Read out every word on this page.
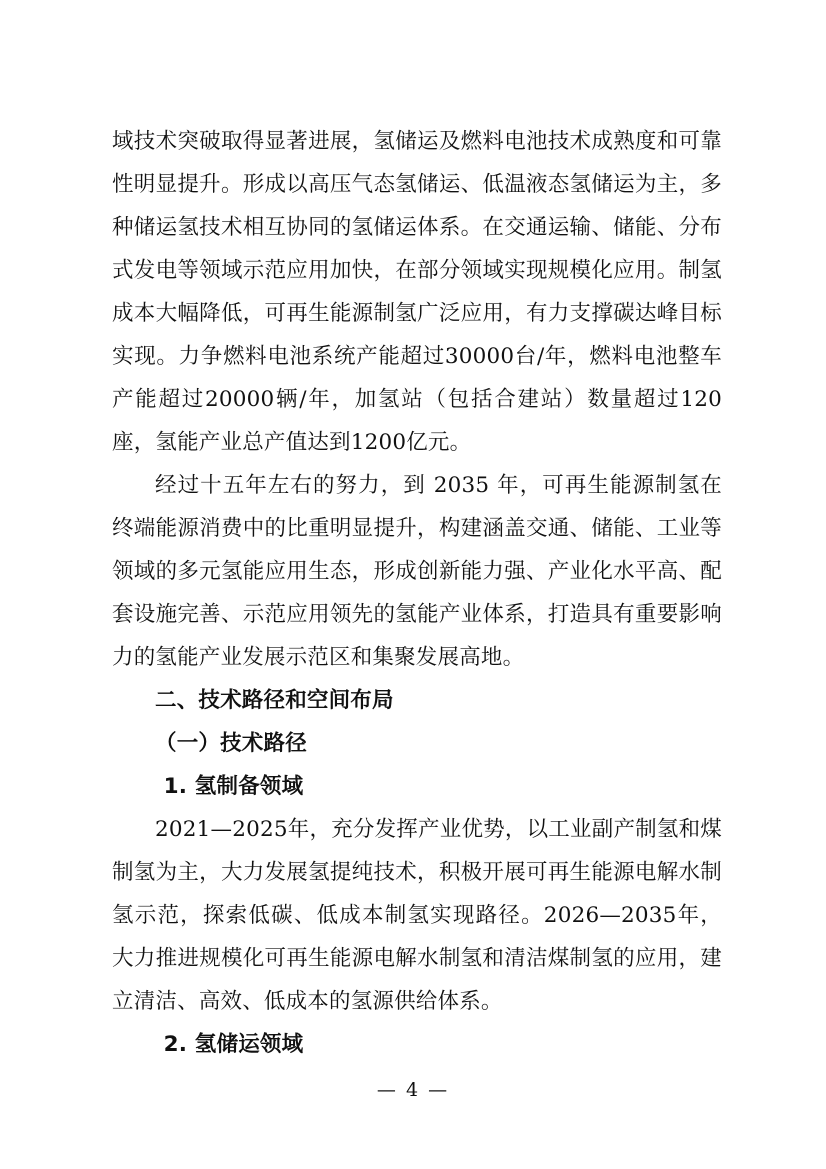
域技术突破取得显著进展，氢储运及燃料电池技术成熟度和可靠性明显提升。形成以高压气态氢储运、低温液态氢储运为主，多种储运氢技术相互协同的氢储运体系。在交通运输、储能、分布式发电等领域示范应用加快，在部分领域实现规模化应用。制氢成本大幅降低，可再生能源制氢广泛应用，有力支撑碳达峰目标实现。力争燃料电池系统产能超过30000台/年，燃料电池整车产能超过20000辆/年，加氢站（包括合建站）数量超过120座，氢能产业总产值达到1200亿元。

经过十五年左右的努力，到 2035 年，可再生能源制氢在终端能源消费中的比重明显提升，构建涵盖交通、储能、工业等领域的多元氢能应用生态，形成创新能力强、产业化水平高、配套设施完善、示范应用领先的氢能产业体系，打造具有重要影响力的氢能产业发展示范区和集聚发展高地。

二、技术路径和空间布局
（一）技术路径
1. 氢制备领域

2021—2025年，充分发挥产业优势，以工业副产制氢和煤制氢为主，大力发展氢提纯技术，积极开展可再生能源电解水制氢示范，探索低碳、低成本制氢实现路径。2026—2035年，大力推进规模化可再生能源电解水制氢和清洁煤制氢的应用，建立清洁、高效、低成本的氢源供给体系。

2. 氢储运领域
— 4 —
